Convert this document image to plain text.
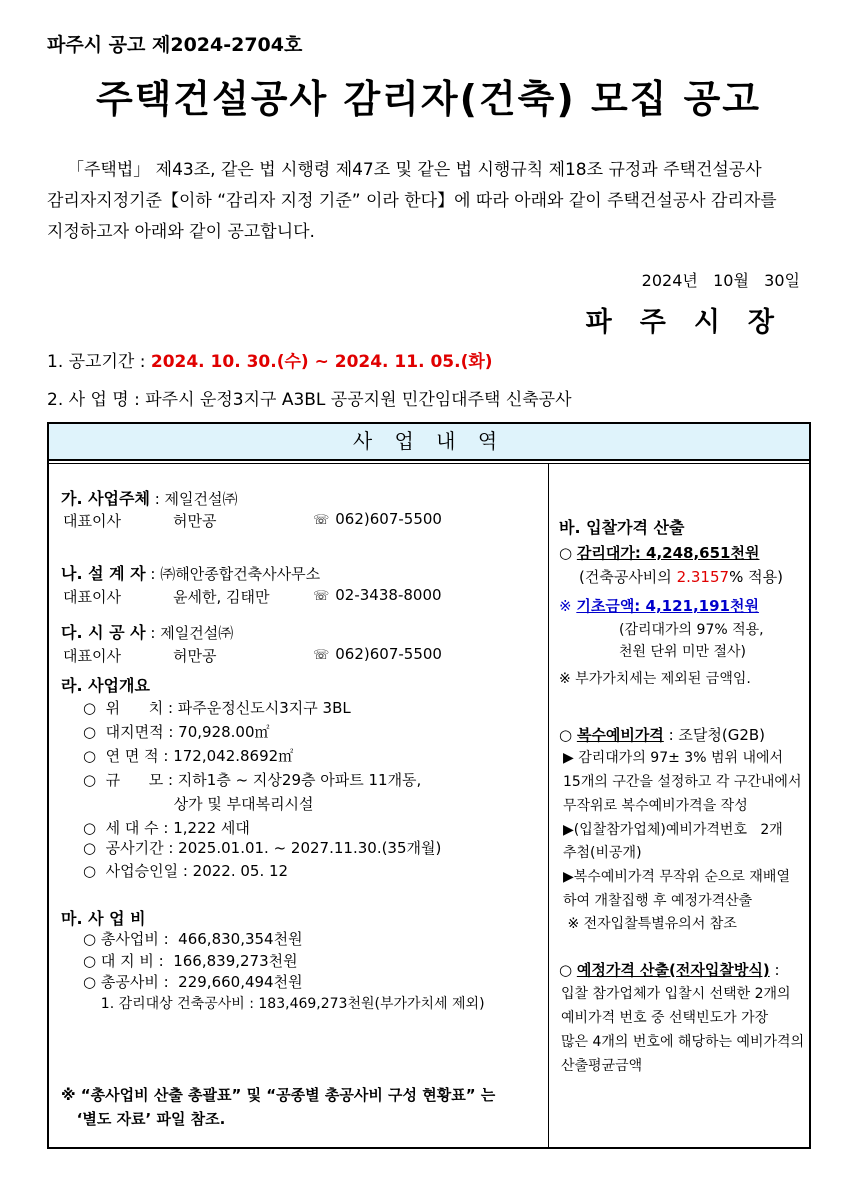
파주시 공고 제2024-2704호
주택건설공사 감리자(건축) 모집 공고

「주택법」 제43조, 같은 법 시행령 제47조 및 같은 법 시행규칙 제18조 규정과 주택건설공사

감리자지정기준【이하 “감리자 지정 기준” 이라 한다】에 따라 아래와 같이 주택건설공사 감리자를

지정하고자 아래와 같이 공고합니다.

2024년   10월   30일
파주시장
1. 공고기간 : 2024. 10. 30.(수) ~ 2024. 11. 05.(화)
2. 사 업 명 : 파주시 운정3지구 A3BL 공공지원 민간임대주택 신축공사
사 업 내 역
가. 사업주체 : 제일건설㈜
대표이사	허만공	☏ 062)607-5500
나. 설 계 자 : ㈜해안종합건축사사무소
대표이사	윤세한, 김태만	☏ 02-3438-8000
다. 시 공 사 : 제일건설㈜
대표이사	허만공	☏ 062)607-5500
라. 사업개요
○  위      치 : 파주운정신도시3지구 3BL
○  대지면적 : 70,928.00㎡
○  연 면 적 : 172,042.8692㎡
○  규      모 : 지하1층 ~ 지상29층 아파트 11개동,
상가 및 부대복리시설
○  세 대 수 : 1,222 세대
○  공사기간 : 2025.01.01. ~ 2027.11.30.(35개월)
○  사업승인일 : 2022. 05. 12
마. 사 업 비
○ 총사업비 :  466,830,354천원
○ 대 지 비 :  166,839,273천원
○ 총공사비 :  229,660,494천원
1. 감리대상 건축공사비 : 183,469,273천원(부가가치세 제외)
※ “총사업비 산출 총괄표” 및 “공종별 총공사비 구성 현황표” 는
‘별도 자료’ 파일 참조.
바. 입찰가격 산출
○ 감리대가: 4,248,651천원
(건축공사비의 2.3157% 적용)
※ 기초금액: 4,121,191천원
(감리대가의 97% 적용,
천원 단위 미만 절사)
※ 부가가치세는 제외된 금액임.
○ 복수예비가격 : 조달청(G2B)
▶ 감리대가의 97± 3% 범위 내에서
15개의 구간을 설정하고 각 구간내에서
무작위로 복수예비가격을 작성
▶(입찰참가업체)예비가격번호   2개
추첨(비공개)
▶복수예비가격 무작위 순으로 재배열
하여 개찰집행 후 예정가격산출
※ 전자입찰특별유의서 참조
○ 예정가격 산출(전자입찰방식) :
입찰 참가업체가 입찰시 선택한 2개의
예비가격 번호 중 선택빈도가 가장
많은 4개의 번호에 해당하는 예비가격의
산출평균금액
